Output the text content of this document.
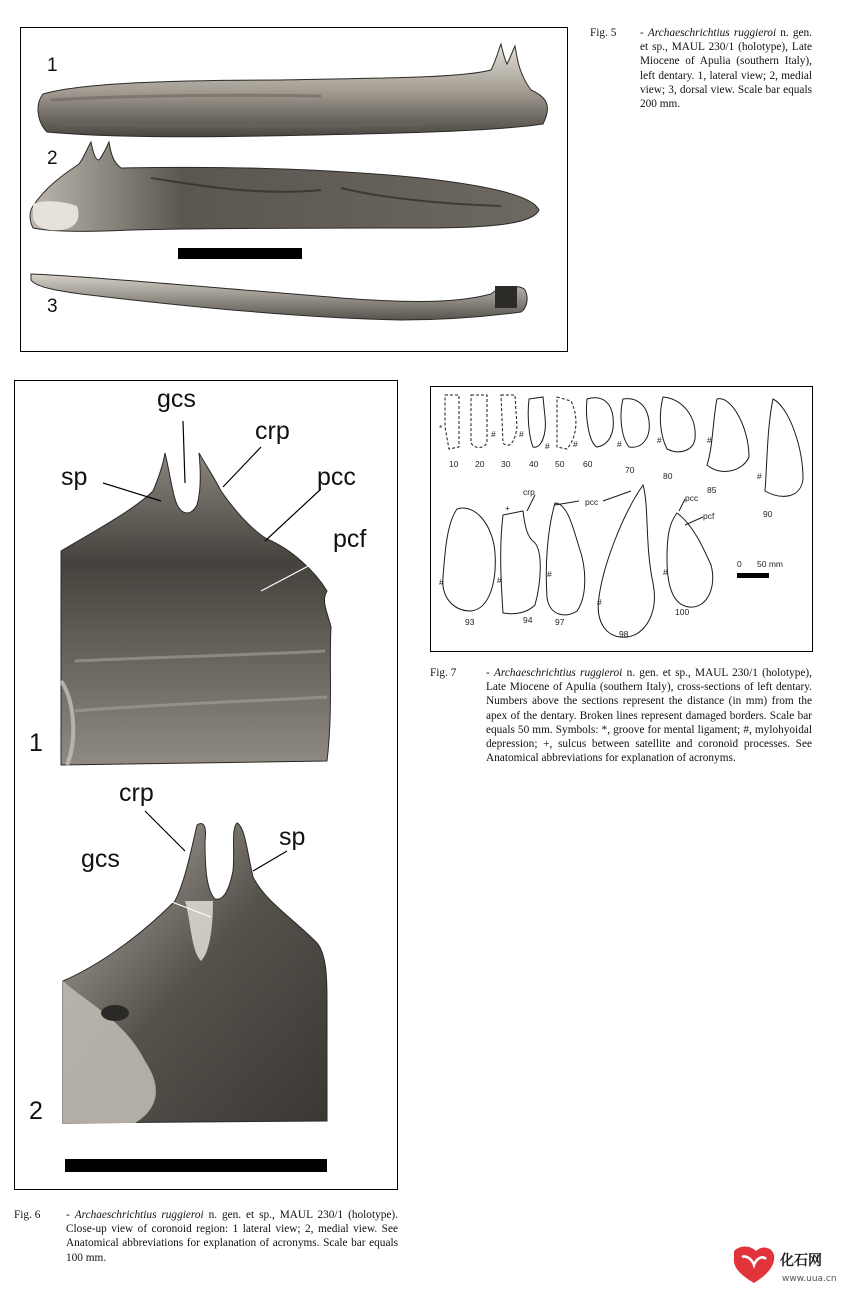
1
2
3
Fig. 5 - Archaeschrichtius ruggieroi n. gen. et sp., MAUL 230/1 (holotype), Late Miocene of Apulia (southern Italy), left dentary. 1, lateral view; 2, medial view; 3, dorsal view. Scale bar equals 200 mm.
gcs
crp
sp	pcc
pcf
1
crp
sp
gcs
2
Fig. 6 - Archaeschrichtius ruggieroi n. gen. et sp., MAUL 230/1 (holotype). Close-up view of coronoid region: 1 lateral view; 2, medial view. See Anatomical abbreviations for explanation of acronyms. Scale bar equals 100 mm.
10 20 30 40 50 60
70
80
85
90
93	94	97
98
100
*
#	#
#	#	#	#	#
#
#	#
#
#
#
+
crp
pcc	pcc
pcf
0 50 mm
Fig. 7	- Archaeschrichtius ruggieroi n. gen. et sp., MAUL 230/1 (holotype), Late Miocene of Apulia (southern Italy), cross-sections of left dentary. Numbers above the sections represent the distance (in mm) from the apex of the dentary. Broken lines represent damaged borders. Scale bar equals 50 mm. Symbols: *, groove for mental ligament; #, mylohyoidal depression; +, sulcus between satellite and coronoid processes. See Anatomical abbreviations for explanation of acronyms.
化石网
www.uua.cn
